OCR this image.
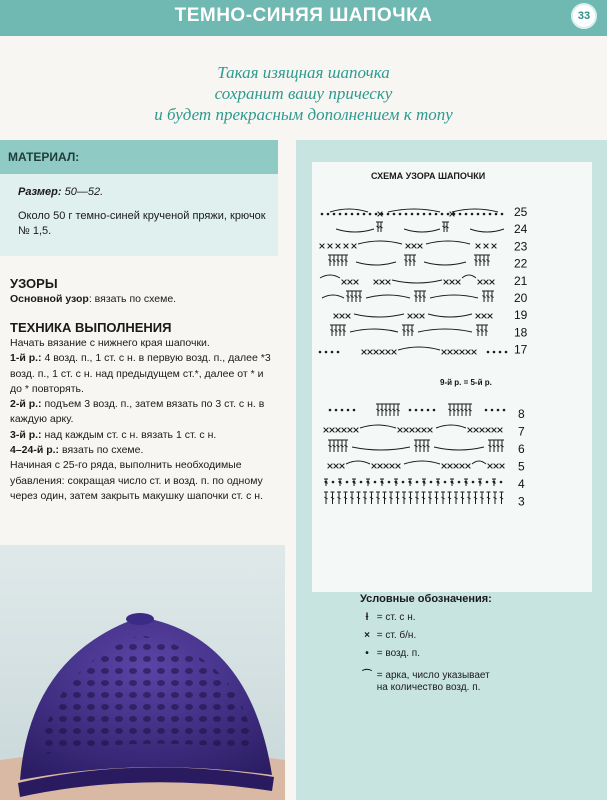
ТЕМНО-СИНЯЯ ШАПОЧКА	33
Такая изящная шапочка
сохранит вашу прическу
и будет прекрасным дополнением к топу
МАТЕРИАЛ:
Размер: 50—52.
Около 50 г темно-синей крученой пряжи, крючок № 1,5.
УЗОРЫ

Основной узор: вязать по схеме.

ТЕХНИКА ВЫПОЛНЕНИЯ

Начать вязание с нижнего края шапочки.

1-й р.: 4 возд. п., 1 ст. с н. в первую возд. п., далее *3 возд. п., 1 ст. с н. над предыдущем ст.*, далее от * и до * повторять.

2-й р.: подъем 3 возд. п., затем вязать по 3 ст. с н. в каждую арку.

3-й р.: над каждым ст. с н. вязать 1 ст. с н.

4–24-й р.: вязать по схеме.

Начиная с 25-го ряда, выполнить необходимые убавления: сокращая число ст. и возд. п. по одному через один, затем закрыть макушку шапочки ст. с н.

СХЕМА УЗОРА ШАПОЧКИ
25
24
23
22
21
20
19
18
17
8
7
6
5
4
3
9-й р. = 5-й р.
Условные обозначения:
ƚ = ст. с н.
× = ст. б/н.
• = возд. п.
⌒ = арка, число указывает
на количество возд. п.
